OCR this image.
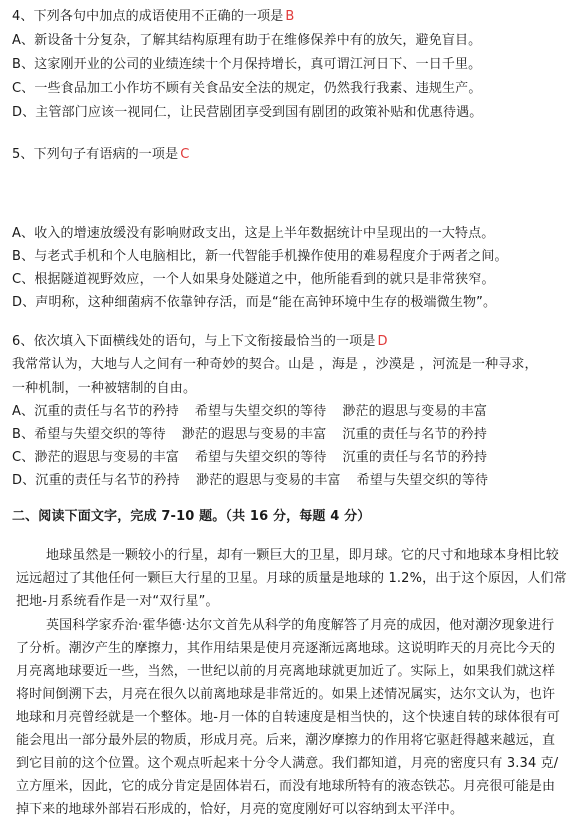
4、下列各句中加点的成语使用不正确的一项是 B
A、新设备十分复杂，了解其结构原理有助于在维修保养中有的放矢，避免盲目。
B、这家刚开业的公司的业绩连续十个月保持增长，真可谓江河日下、一日千里。
C、一些食品加工小作坊不顾有关食品安全法的规定，仍然我行我素、违规生产。
D、主管部门应该一视同仁，让民营剧团享受到国有剧团的政策补贴和优惠待遇。
5、下列句子有语病的一项是 C
A、收入的增速放缓没有影响财政支出，这是上半年数据统计中呈现出的一大特点。
B、与老式手机和个人电脑相比，新一代智能手机操作使用的难易程度介于两者之间。
C、根据隧道视野效应，一个人如果身处隧道之中，他所能看到的就只是非常狭窄。
D、声明称，这种细菌病不依靠钟存活，而是“能在高钟环境中生存的极端微生物”。
6、依次填入下面横线处的语句，与上下文衔接最恰当的一项是 D
我常常认为，大地与人之间有一种奇妙的契合。山是 ，海是 ，沙漠是 ，河流是一种寻求，
一种机制，一种被辖制的自由。
A、沉重的责任与名节的矜持 希望与失望交织的等待 渺茫的遐思与变易的丰富
B、希望与失望交织的等待 渺茫的遐思与变易的丰富 沉重的责任与名节的矜持
C、渺茫的遐思与变易的丰富 希望与失望交织的等待 沉重的责任与名节的矜持
D、沉重的责任与名节的矜持 渺茫的遐思与变易的丰富 希望与失望交织的等待
二、阅读下面文字，完成 7-10 题。（共 16 分，每题 4 分）
地球虽然是一颗较小的行星，却有一颗巨大的卫星，即月球。它的尺寸和地球本身相比较
远远超过了其他任何一颗巨大行星的卫星。月球的质量是地球的 1.2%，出于这个原因，人们常
把地-月系统看作是一对“双行星”。
英国科学家乔治·霍华德·达尔文首先从科学的角度解答了月亮的成因，他对潮汐现象进行
了分析。潮汐产生的摩擦力，其作用结果是使月亮逐渐远离地球。这说明昨天的月亮比今天的
月亮离地球要近一些，当然，一世纪以前的月亮离地球就更加近了。实际上，如果我们就这样
将时间倒溯下去，月亮在很久以前离地球是非常近的。如果上述情况属实，达尔文认为，也许
地球和月亮曾经就是一个整体。地-月一体的自转速度是相当快的，这个快速自转的球体很有可
能会甩出一部分最外层的物质，形成月亮。后来，潮汐摩擦力的作用将它驱赶得越来越远，直
到它目前的这个位置。这个观点听起来十分令人满意。我们都知道，月亮的密度只有 3.34 克/
立方厘米，因此，它的成分肯定是固体岩石，而没有地球所特有的液态铁芯。月亮很可能是由
掉下来的地球外部岩石形成的，恰好，月亮的宽度刚好可以容纳到太平洋中。
